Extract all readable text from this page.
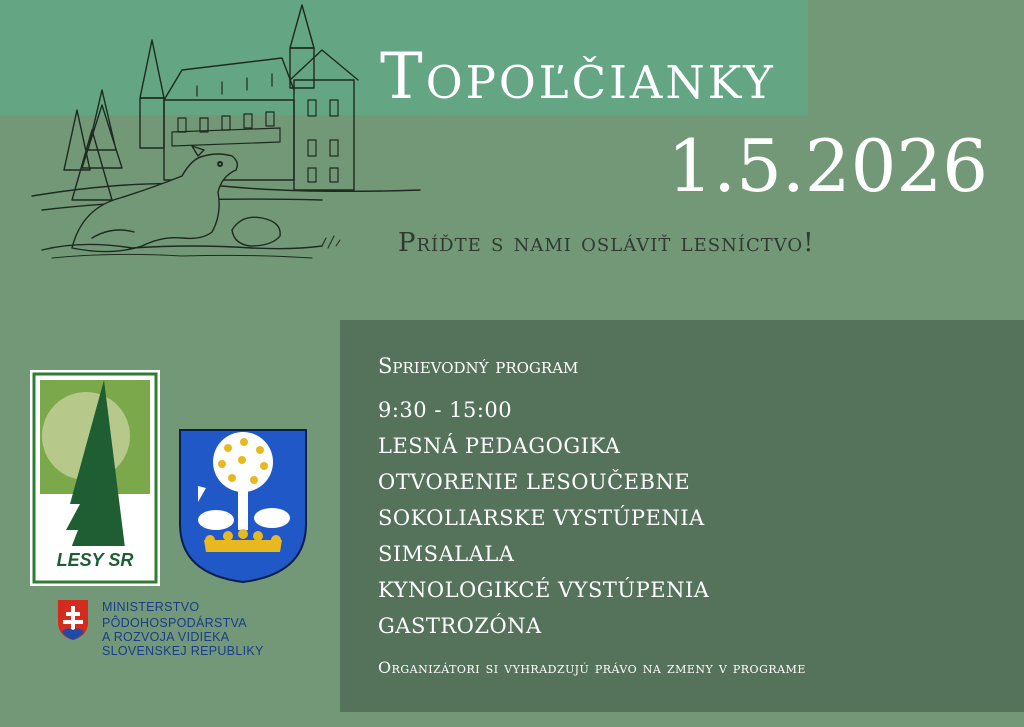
Topoľčianky
1.5.2026
Príďte s nami osláviť lesníctvo!
LESY SR
MINISTERSTVO
PÔDOHOSPODÁRSTVA
A ROZVOJA VIDIEKA
SLOVENSKEJ REPUBLIKY
Sprievodný program
9:30 - 15:00
LESNÁ PEDAGOGIKA
OTVORENIE LESOUČEBNE
SOKOLIARSKE VYSTÚPENIA
SIMSALALA
KYNOLOGIKCÉ VYSTÚPENIA
GASTROZÓNA
Organizátori si vyhradzujú právo na zmeny v programe
